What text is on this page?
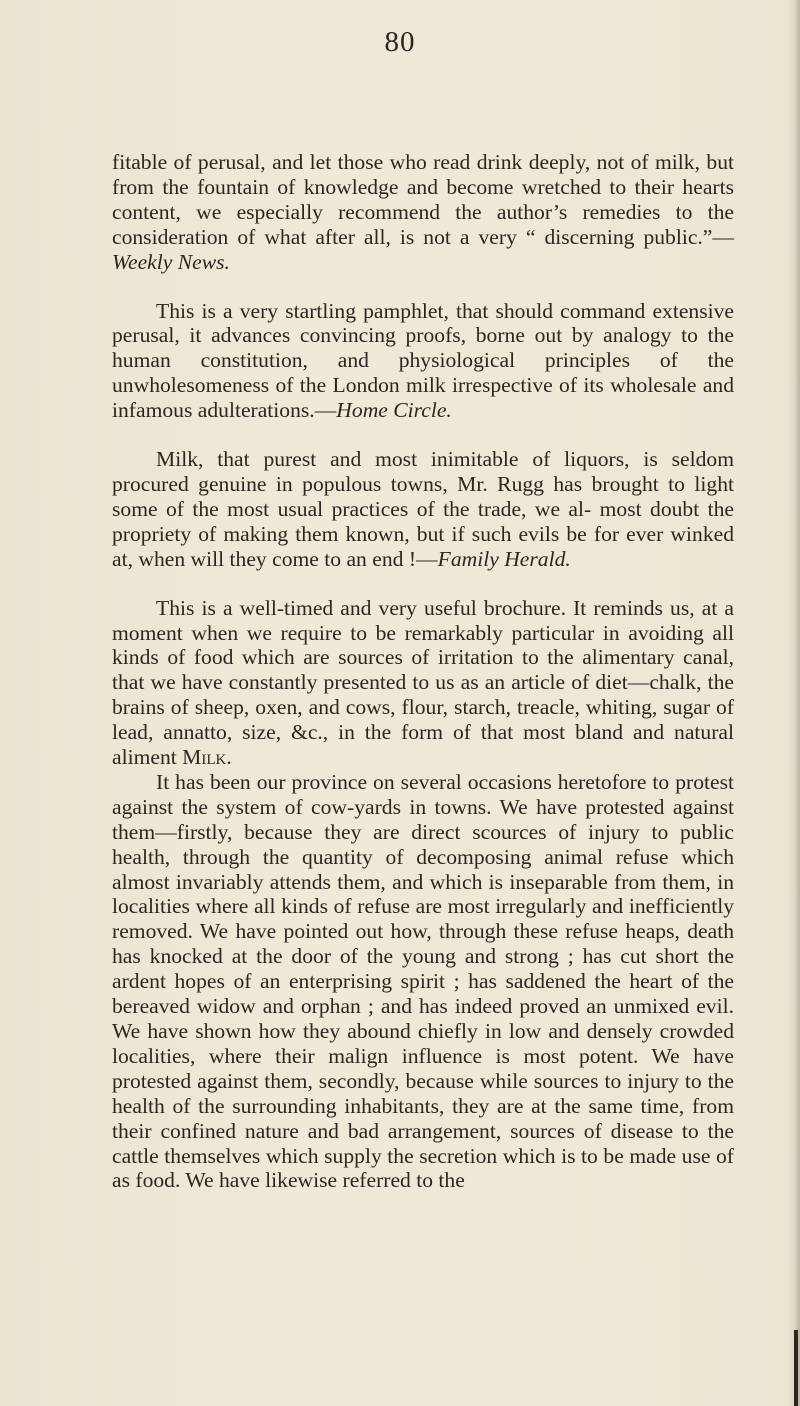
80

fitable of perusal, and let those who read drink deeply, not of milk, but from the fountain of knowledge and become wretched to their hearts content, we especially recommend the author’s remedies to the consideration of what after all, is not a very “ discerning public.”—Weekly News.

This is a very startling pamphlet, that should command extensive perusal, it advances convincing proofs, borne out by analogy to the human constitution, and physiological principles of the unwholesomeness of the London milk irrespective of its wholesale and infamous adulterations.—Home Circle.

Milk, that purest and most inimitable of liquors, is seldom procured genuine in populous towns, Mr. Rugg has brought to light some of the most usual practices of the trade, we al- most doubt the propriety of making them known, but if such evils be for ever winked at, when will they come to an end !—Family Herald.

This is a well-timed and very useful brochure. It reminds us, at a moment when we require to be remarkably particular in avoiding all kinds of food which are sources of irritation to the alimentary canal, that we have constantly presented to us as an article of diet—chalk, the brains of sheep, oxen, and cows, flour, starch, treacle, whiting, sugar of lead, annatto, size, &c., in the form of that most bland and natural aliment Milk.

It has been our province on several occasions heretofore to protest against the system of cow-yards in towns. We have protested against them—firstly, because they are direct scources of injury to public health, through the quantity of decomposing animal refuse which almost invariably attends them, and which is inseparable from them, in localities where all kinds of refuse are most irregularly and inefficiently removed. We have pointed out how, through these refuse heaps, death has knocked at the door of the young and strong ; has cut short the ardent hopes of an enterprising spirit ; has saddened the heart of the bereaved widow and orphan ; and has indeed proved an unmixed evil. We have shown how they abound chiefly in low and densely crowded localities, where their malign influence is most potent. We have protested against them, secondly, because while sources to injury to the health of the surrounding inhabitants, they are at the same time, from their confined nature and bad arrangement, sources of disease to the cattle themselves which supply the secretion which is to be made use of as food. We have likewise referred to the
